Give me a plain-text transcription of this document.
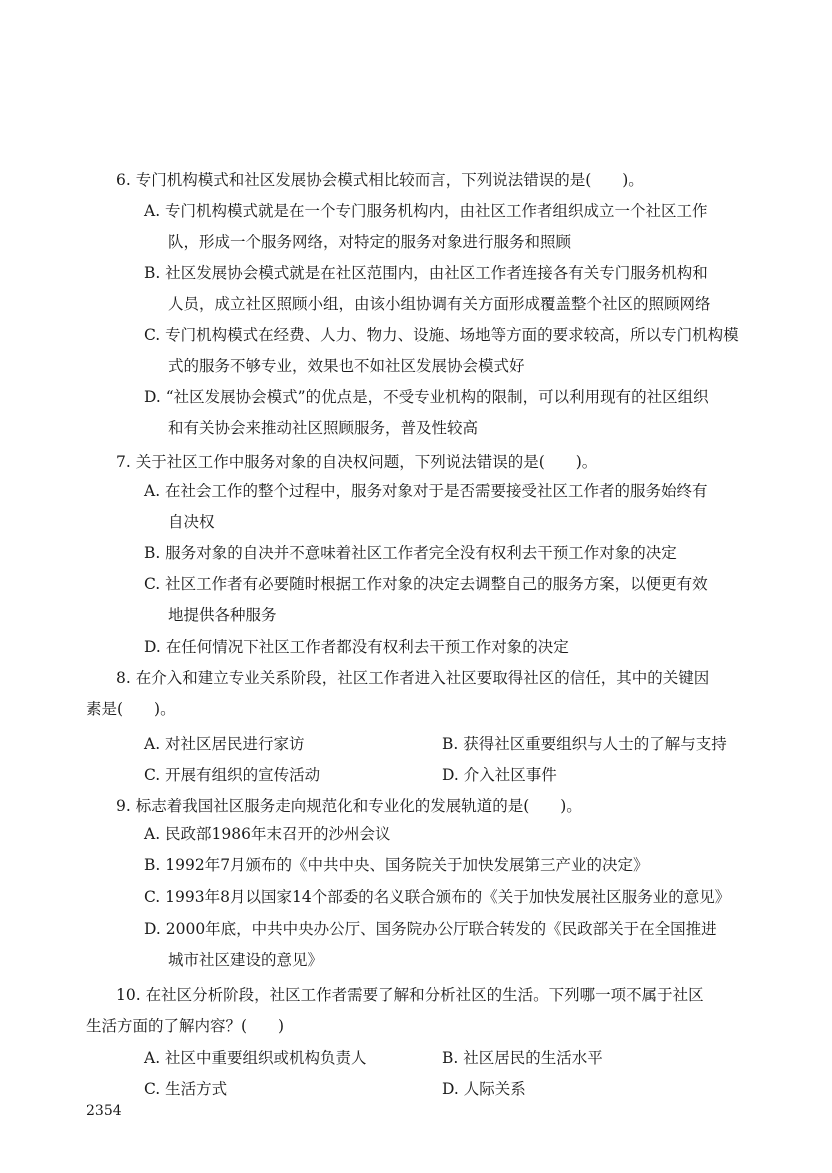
6. 专门机构模式和社区发展协会模式相比较而言，下列说法错误的是(　　)。
A. 专门机构模式就是在一个专门服务机构内，由社区工作者组织成立一个社区工作
队，形成一个服务网络，对特定的服务对象进行服务和照顾
B. 社区发展协会模式就是在社区范围内，由社区工作者连接各有关专门服务机构和
人员，成立社区照顾小组，由该小组协调有关方面形成覆盖整个社区的照顾网络
C. 专门机构模式在经费、人力、物力、设施、场地等方面的要求较高，所以专门机构模
式的服务不够专业，效果也不如社区发展协会模式好
D. “社区发展协会模式”的优点是，不受专业机构的限制，可以利用现有的社区组织
和有关协会来推动社区照顾服务，普及性较高
7. 关于社区工作中服务对象的自决权问题，下列说法错误的是(　　)。
A. 在社会工作的整个过程中，服务对象对于是否需要接受社区工作者的服务始终有
自决权
B. 服务对象的自决并不意味着社区工作者完全没有权利去干预工作对象的决定
C. 社区工作者有必要随时根据工作对象的决定去调整自己的服务方案，以便更有效
地提供各种服务
D. 在任何情况下社区工作者都没有权利去干预工作对象的决定
8. 在介入和建立专业关系阶段，社区工作者进入社区要取得社区的信任，其中的关键因
素是(　　)。
A. 对社区居民进行家访	B. 获得社区重要组织与人士的了解与支持
C. 开展有组织的宣传活动	D. 介入社区事件
9. 标志着我国社区服务走向规范化和专业化的发展轨道的是(　　)。
A. 民政部1986年末召开的沙州会议
B. 1992年7月颁布的《中共中央、国务院关于加快发展第三产业的决定》
C. 1993年8月以国家14个部委的名义联合颁布的《关于加快发展社区服务业的意见》
D. 2000年底，中共中央办公厅、国务院办公厅联合转发的《民政部关于在全国推进
城市社区建设的意见》
10. 在社区分析阶段，社区工作者需要了解和分析社区的生活。下列哪一项不属于社区
生活方面的了解内容？(　　)
A. 社区中重要组织或机构负责人	B. 社区居民的生活水平
C. 生活方式	D. 人际关系
2354
